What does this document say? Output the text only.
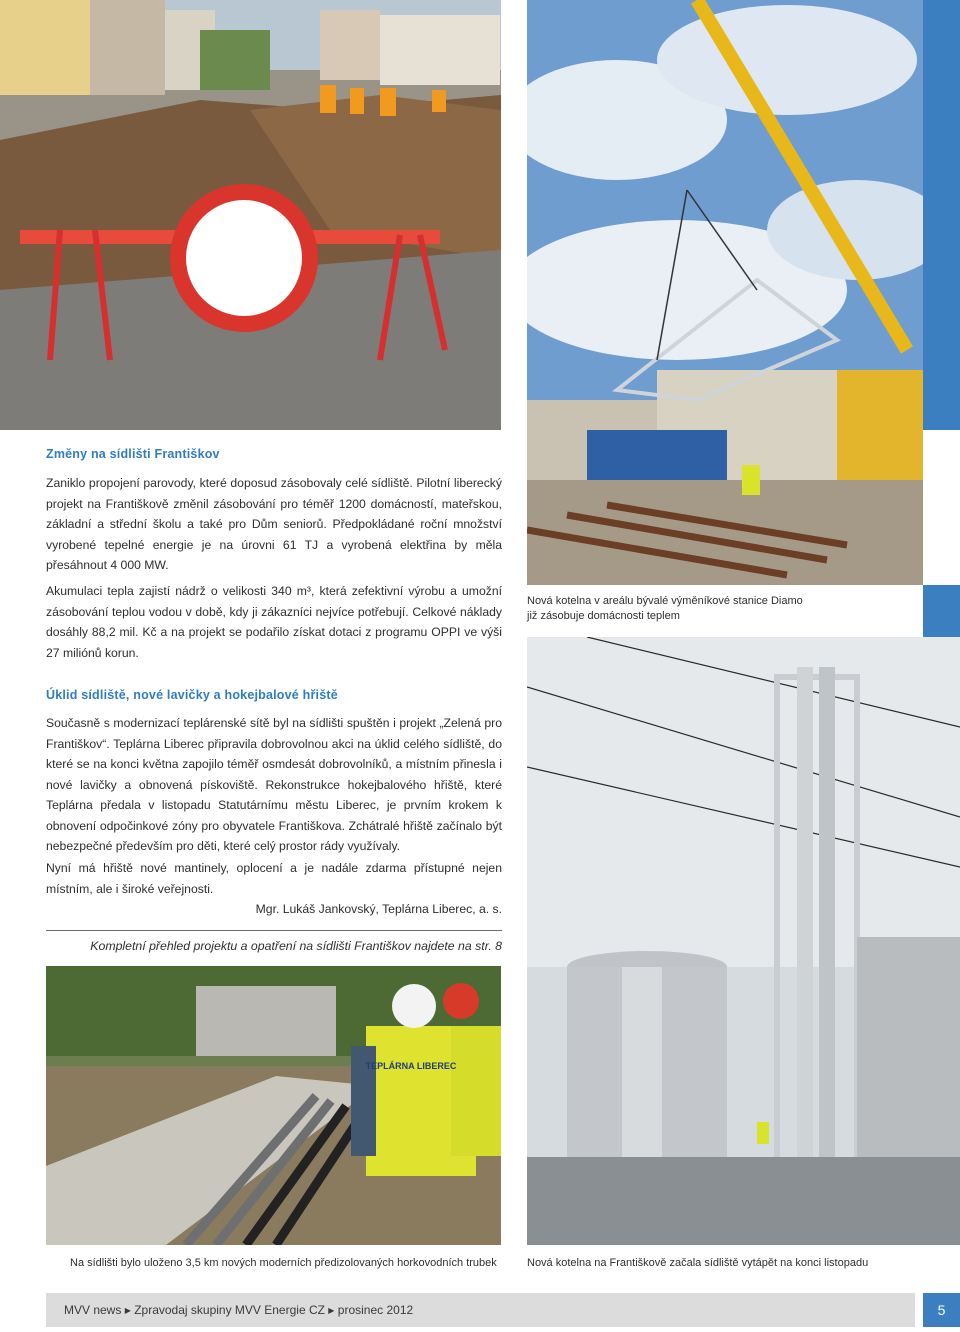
TEPLÁRNA LIBEREC
Změny na sídlišti Františkov
Zaniklo propojení parovody, které doposud zásobovaly celé sídliště. Pilotní liberecký projekt na Františkově změnil zásobování pro téměř 1200 domácností, mateřskou, základní a střední školu a také pro Dům seniorů. Předpokládané roční množství vyrobené tepelné energie je na úrovni 61 TJ a vyrobená elektřina by měla přesáhnout 4 000 MW.
Akumulaci tepla zajistí nádrž o velikosti 340 m³, která zefektivní výrobu a umožní zásobování teplou vodou v době, kdy ji zákazníci nejvíce potřebují. Celkové náklady dosáhly 88,2 mil. Kč a na projekt se podařilo získat dotaci z programu OPPI ve výši 27 miliónů korun.
Nová kotelna v areálu bývalé výměníkové stanice Diamo
již zásobuje domácnosti teplem
Úklid sídliště, nové lavičky a hokejbalové hřiště
Současně s modernizací teplárenské sítě byl na sídlišti spuštěn i projekt „Zelená pro Františkov“. Teplárna Liberec připravila dobrovolnou akci na úklid celého sídliště, do které se na konci května zapojilo téměř osmdesát dobrovolníků, a místním přinesla i nové lavičky a obnovená pískoviště. Rekonstrukce hokejbalového hřiště, které Teplárna předala v listopadu Statutárnímu městu Liberec, je prvním krokem k obnovení odpočinkové zóny pro obyvatele Františkova. Zchátralé hřiště začínalo být nebezpečné především pro děti, které celý prostor rády využívaly.
Nyní má hřiště nové mantinely, oplocení a je nadále zdarma přístupné nejen místním, ale i široké veřejnosti.
Mgr. Lukáš Jankovský, Teplárna Liberec, a. s.
Kompletní přehled projektu a opatření na sídlišti Františkov najdete na str. 8
Na sídlišti bylo uloženo 3,5 km nových moderních předizolovaných horkovodních trubek	Nová kotelna na Františkově začala sídliště vytápět na konci listopadu
MVV news ▶ Zpravodaj skupiny MVV Energie CZ ▶ prosinec 2012	5
